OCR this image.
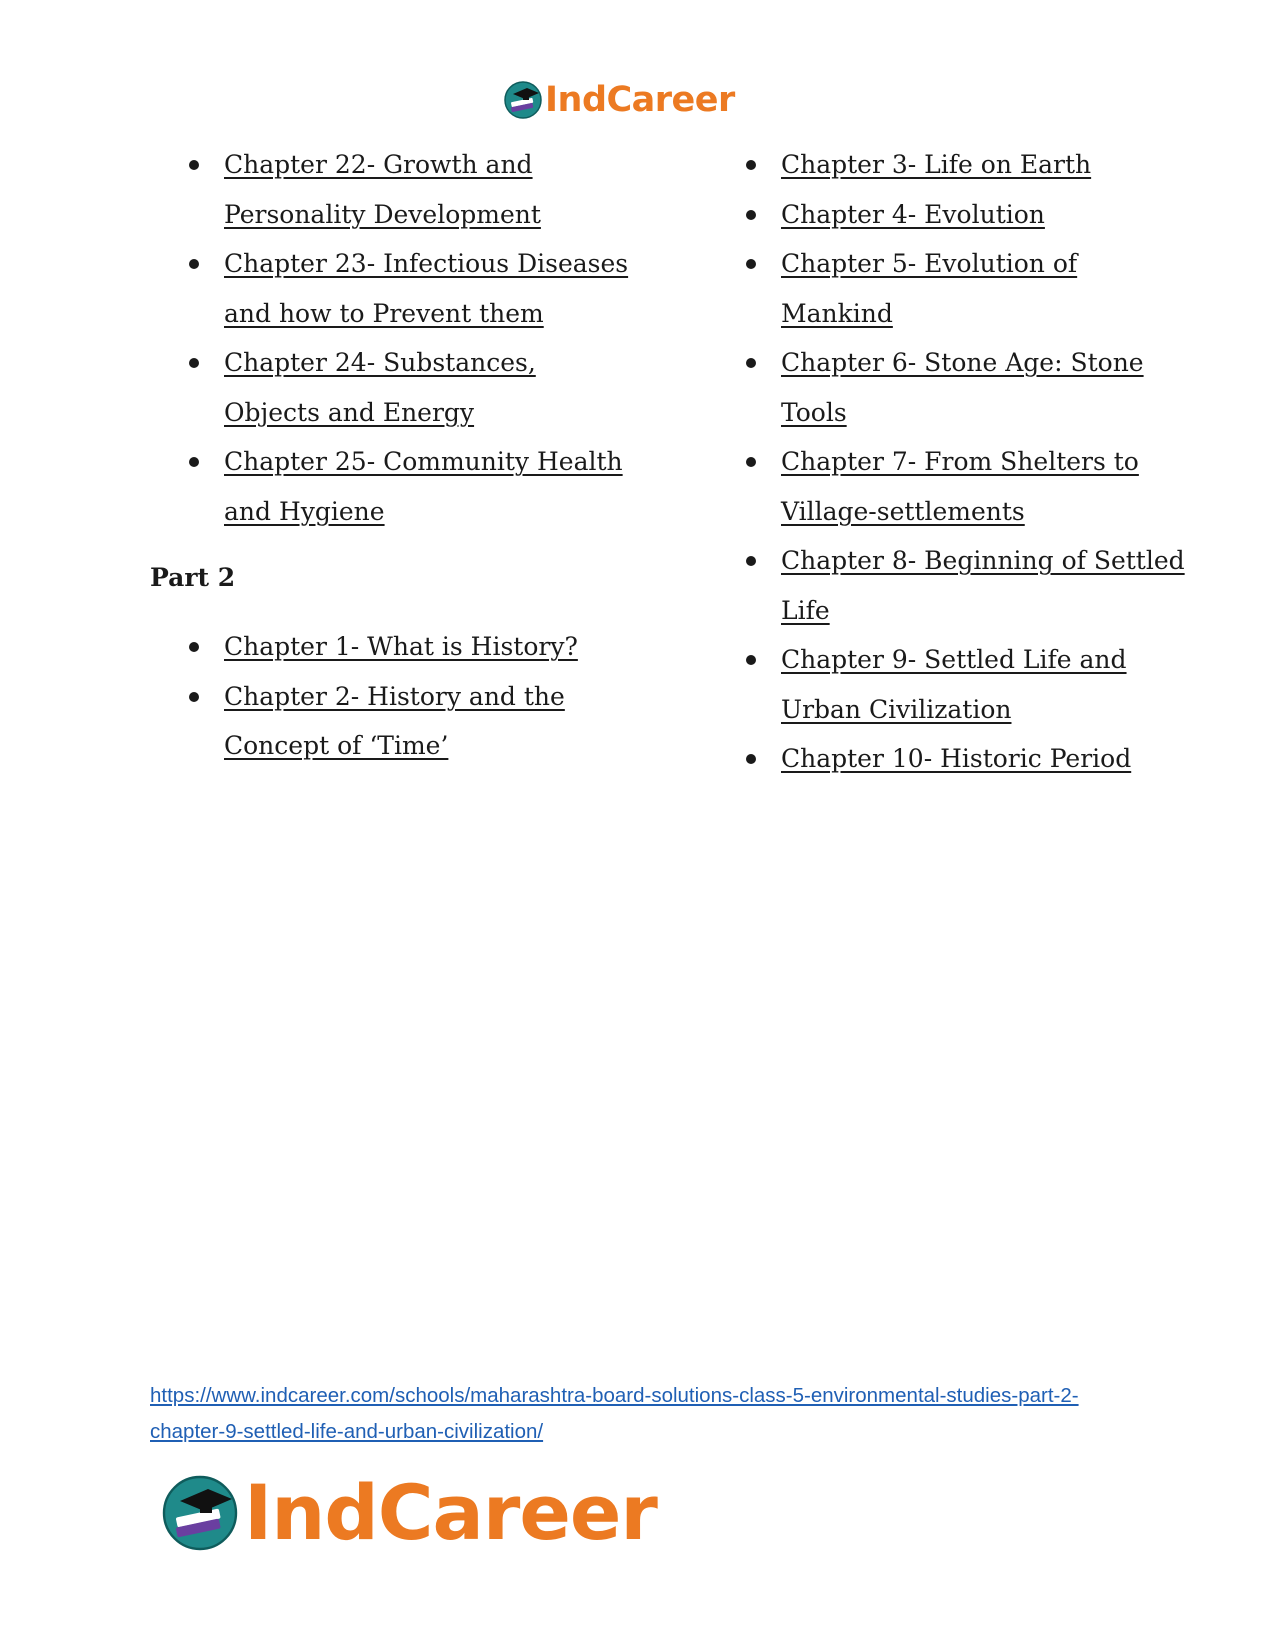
IndCareer
Chapter 22- Growth and Personality Development
Chapter 23- Infectious Diseases and how to Prevent them
Chapter 24- Substances, Objects and Energy
Chapter 25- Community Health and Hygiene
Part 2
Chapter 1- What is History?
Chapter 2- History and the Concept of ‘Time’
Chapter 3- Life on Earth
Chapter 4- Evolution
Chapter 5- Evolution of Mankind
Chapter 6- Stone Age: Stone Tools
Chapter 7- From Shelters to Village-settlements
Chapter 8- Beginning of Settled Life
Chapter 9- Settled Life and Urban Civilization
Chapter 10- Historic Period
https://www.indcareer.com/schools/maharashtra-board-solutions-class-5-environmental-studies-part-2-chapter-9-settled-life-and-urban-civilization/
IndCareer
